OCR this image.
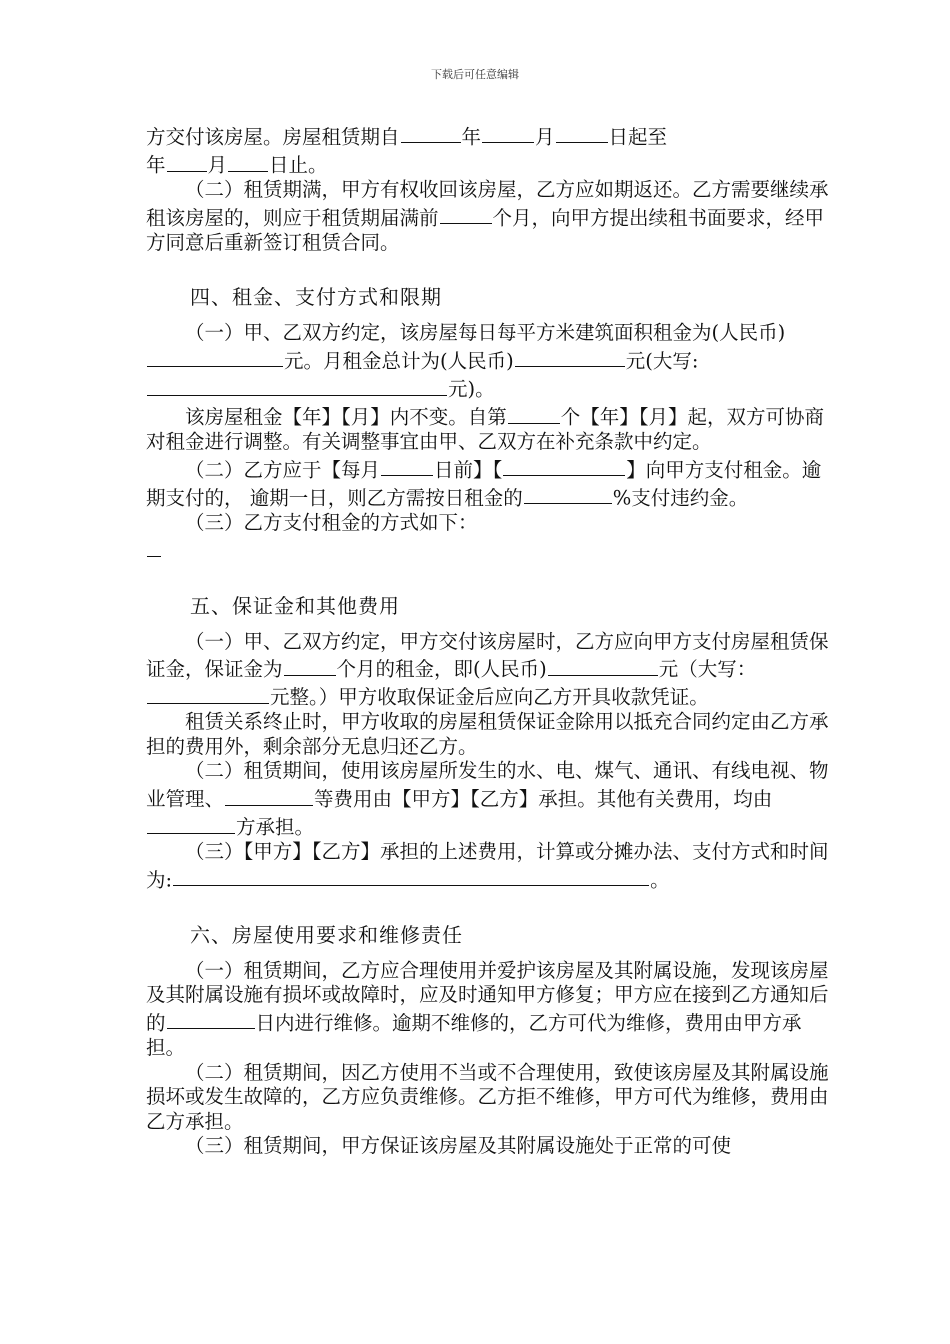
下载后可任意编辑

方交付该房屋。房屋租赁期自	年	月	日起至

年 月 日止。

（二）租赁期满，甲方有权收回该房屋，乙方应如期返还。乙方需要继续承租该房屋的，则应于租赁期届满前	个月，向甲方提出续租书面要求，经甲方同意后重新签订租赁合同。

四、租金、支付方式和限期

（一）甲、乙双方约定，该房屋每日每平方米建筑面积租金为(人民币)元。月租金总计为(人民币)	元(大写:元)。

该房屋租金【年】【月】内不变。自第	个【年】【月】起，双方可协商对租金进行调整。有关调整事宜由甲、乙双方在补充条款中约定。

（二）乙方应于【每月	日前】【	】向甲方支付租金。逾期支付的， 逾期一日，则乙方需按日租金的	%支付违约金。

（三）乙方支付租金的方式如下：

五、保证金和其他费用

（一）甲、乙双方约定，甲方交付该房屋时，乙方应向甲方支付房屋租赁保证金，保证金为	个月的租金，即(人民币)	元（大写：元整。）甲方收取保证金后应向乙方开具收款凭证。

租赁关系终止时，甲方收取的房屋租赁保证金除用以抵充合同约定由乙方承担的费用外，剩余部分无息归还乙方。

（二）租赁期间，使用该房屋所发生的水、电、煤气、通讯、有线电视、物业管理、	等费用由【甲方】【乙方】承担。其他有关费用，均由方承担。

（三）【甲方】【乙方】承担的上述费用，计算或分摊办法、支付方式和时间为:	。

六、房屋使用要求和维修责任

（一）租赁期间，乙方应合理使用并爱护该房屋及其附属设施，发现该房屋及其附属设施有损坏或故障时，应及时通知甲方修复；甲方应在接到乙方通知后的	日内进行维修。逾期不维修的，乙方可代为维修，费用由甲方承担。

（二）租赁期间，因乙方使用不当或不合理使用，致使该房屋及其附属设施损坏或发生故障的，乙方应负责维修。乙方拒不维修，甲方可代为维修，费用由乙方承担。

（三）租赁期间，甲方保证该房屋及其附属设施处于正常的可使
